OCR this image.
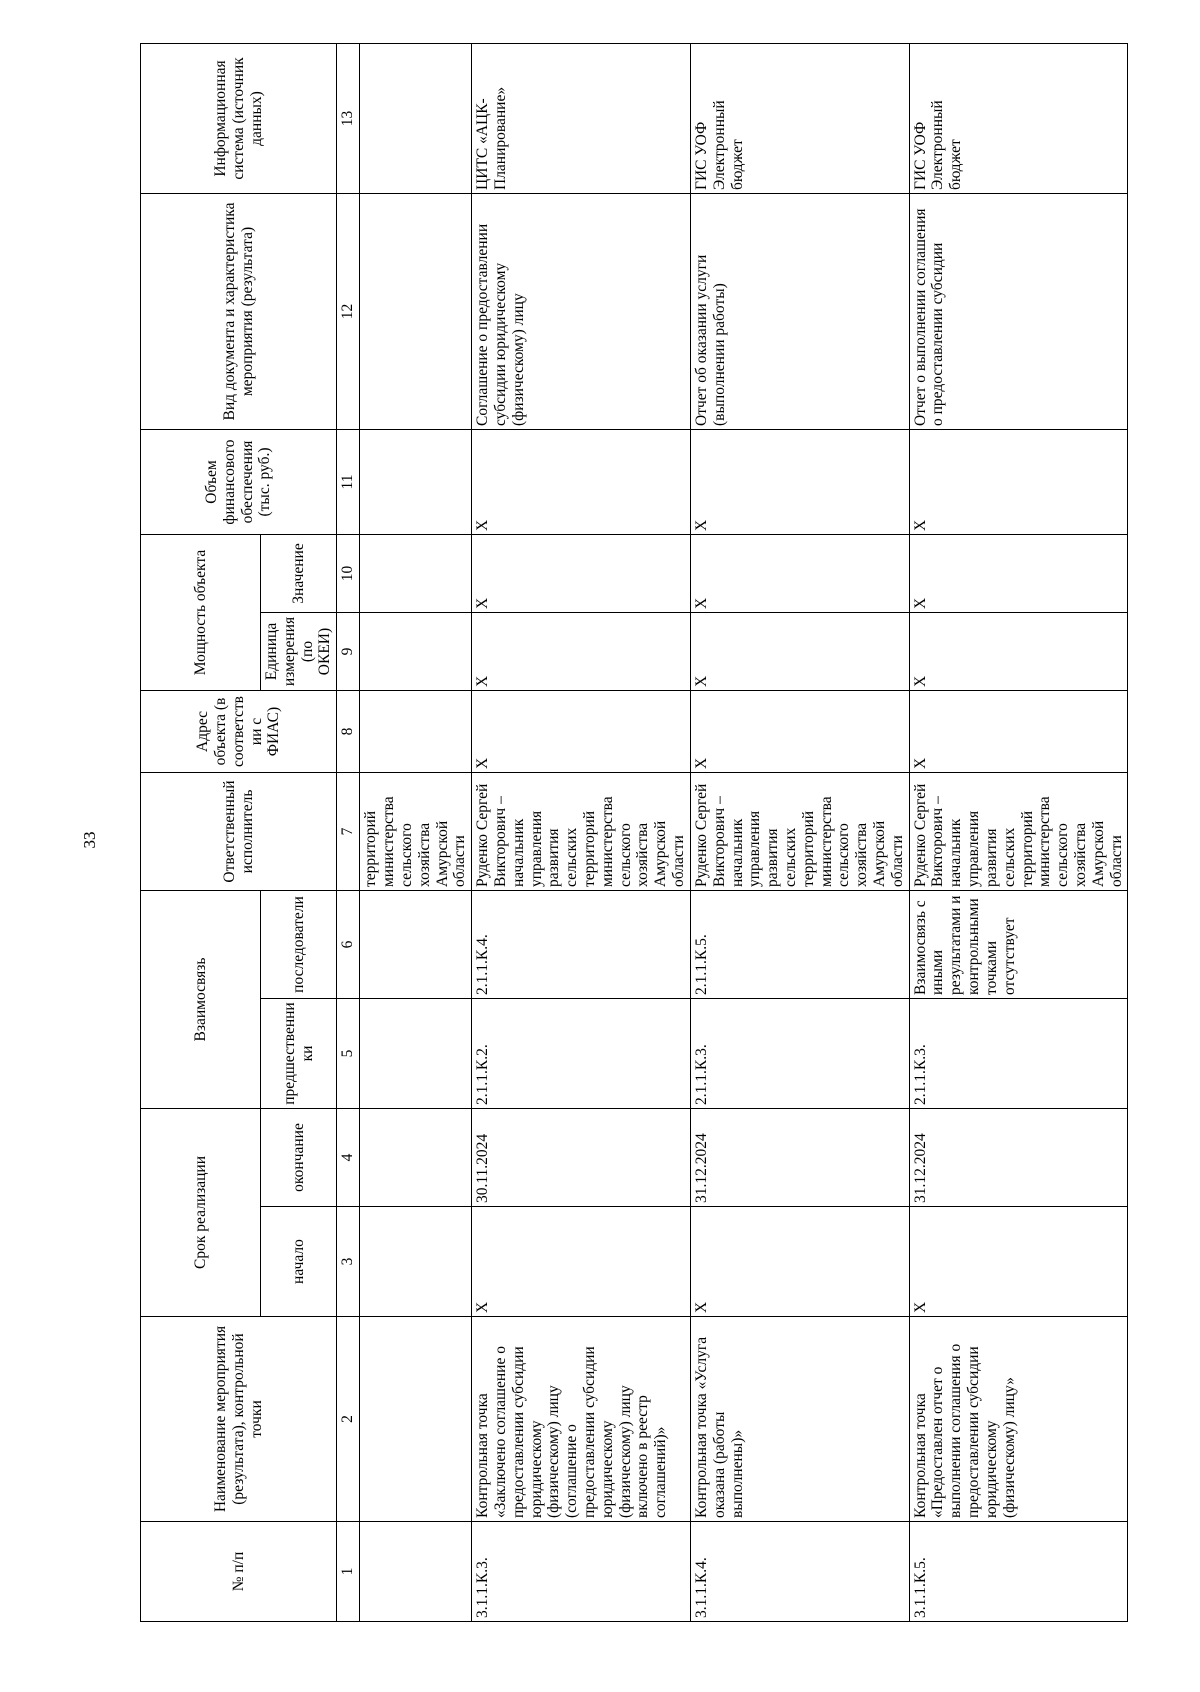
33
№ п/п	Наименование мероприятия (результата), контрольной точки	Срок реализации		Взаимосвязь		Ответственный исполнитель	Адрес объекта (в соответствии с ФИАС)	Мощность объекта		Объем финансового обеспечения (тыс. руб.)	Вид документа и характеристика мероприятия (результата)	Информационная система (источник данных)
		начало	окончание	предшественники	последователи			Единица измерения (по ОКЕИ)	Значение			
1	2	3	4	5	6	7	8	9	10	11	12	13
						территорий министерства сельского хозяйства Амурской области						
3.1.1.К.3.	Контрольная точка «Заключено соглашение о предоставлении субсидии юридическому (физическому) лицу (соглашение о предоставлении субсидии юридическому (физическому) лицу включено в реестр соглашений)»	X	30.11.2024	2.1.1.К.2.	2.1.1.К.4.	Руденко Сергей Викторович – начальник управления развития сельских территорий министерства сельского хозяйства Амурской области	X	X	X	X	Соглашение о предоставлении субсидии юридическому (физическому) лицу	ЦИТС «АЦК-Планирование»
3.1.1.К.4.	Контрольная точка «Услуга оказана (работы выполнены)»	X	31.12.2024	2.1.1.К.3.	2.1.1.К.5.	Руденко Сергей Викторович – начальник управления развития сельских территорий министерства сельского хозяйства Амурской области	X	X	X	X	Отчет об оказании услуги (выполнении работы)	ГИС УОФ Электронный бюджет
3.1.1.К.5.	Контрольная точка «Предоставлен отчет о выполнении соглашения о предоставлении субсидии юридическому (физическому) лицу»	X	31.12.2024	2.1.1.К.3.	Взаимосвязь с иными результатами и контрольными точками отсутствует	Руденко Сергей Викторович – начальник управления развития сельских территорий министерства сельского хозяйства Амурской области	X	X	X	X	Отчет о выполнении соглашения о предоставлении субсидии	ГИС УОФ Электронный бюджет
